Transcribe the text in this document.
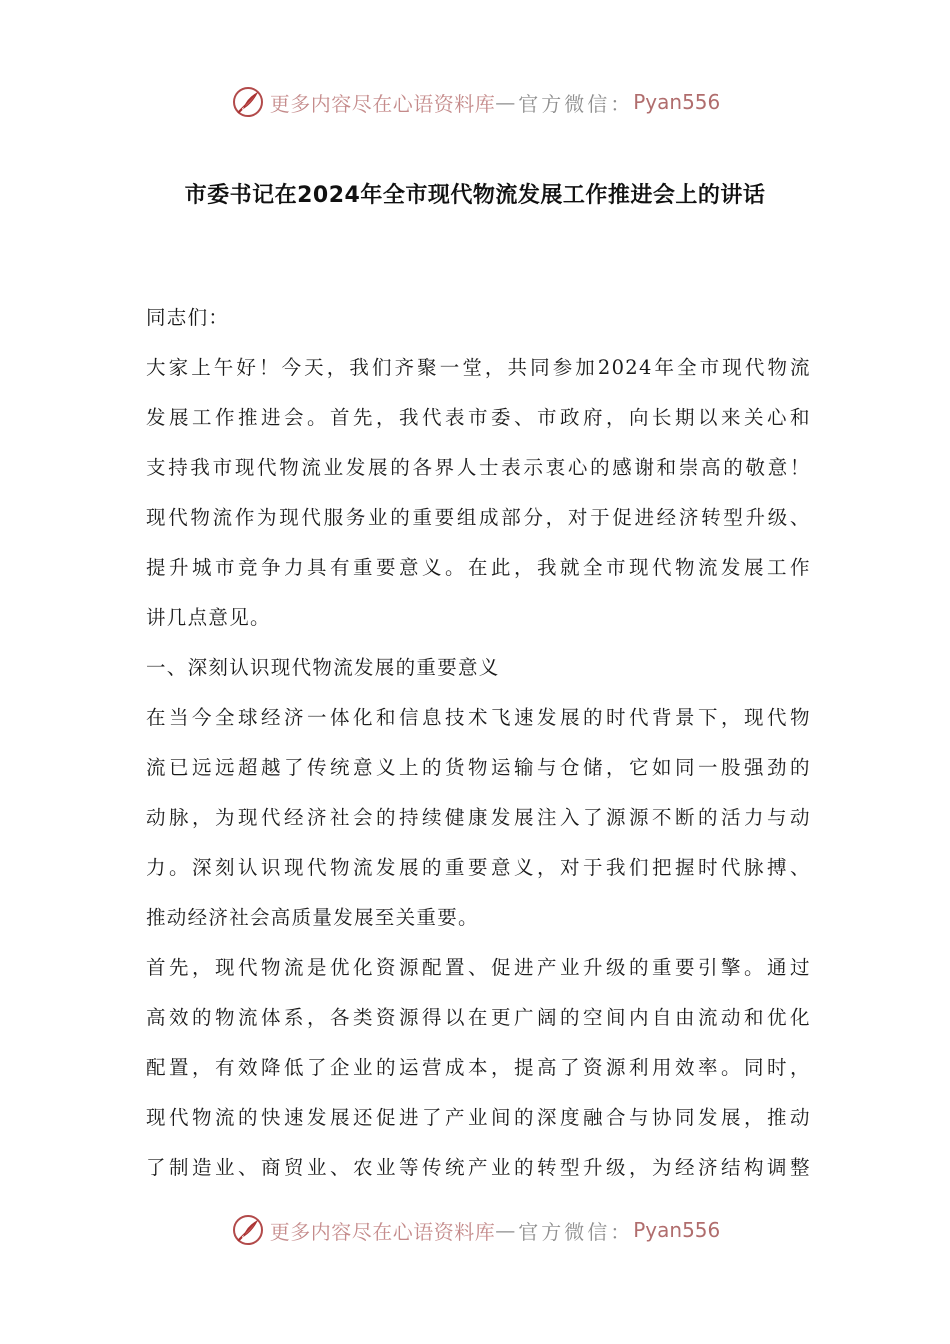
更多内容尽在心语资料库 — 官方微信： Pyan556
市委书记在2024年全市现代物流发展工作推进会上的讲话
同志们：
大 家 上 午 好 ！ 今 天 ， 我 们 齐 聚 一 堂 ， 共 同 参 加 2024 年 全 市 现 代 物 流
发 展 工 作 推 进 会 。 首 先 ， 我 代 表 市 委 、 市 政 府 ， 向 长 期 以 来 关 心 和
支 持 我 市 现 代 物 流 业 发 展 的 各 界 人 士 表 示 衷 心 的 感 谢 和 崇 高 的 敬 意 ！
现 代 物 流 作 为 现 代 服 务 业 的 重 要 组 成 部 分 ， 对 于 促 进 经 济 转 型 升 级 、
提 升 城 市 竞 争 力 具 有 重 要 意 义 。 在 此 ， 我 就 全 市 现 代 物 流 发 展 工 作
讲几点意见。
一、深刻认识现代物流发展的重要意义
在 当 今 全 球 经 济 一 体 化 和 信 息 技 术 飞 速 发 展 的 时 代 背 景 下 ， 现 代 物
流 已 远 远 超 越 了 传 统 意 义 上 的 货 物 运 输 与 仓 储 ， 它 如 同 一 股 强 劲 的
动 脉 ， 为 现 代 经 济 社 会 的 持 续 健 康 发 展 注 入 了 源 源 不 断 的 活 力 与 动
力 。 深 刻 认 识 现 代 物 流 发 展 的 重 要 意 义 ， 对 于 我 们 把 握 时 代 脉 搏 、
推动经济社会高质量发展至关重要。
首 先 ， 现 代 物 流 是 优 化 资 源 配 置 、 促 进 产 业 升 级 的 重 要 引 擎 。 通 过
高 效 的 物 流 体 系 ， 各 类 资 源 得 以 在 更 广 阔 的 空 间 内 自 由 流 动 和 优 化
配 置 ， 有 效 降 低 了 企 业 的 运 营 成 本 ， 提 高 了 资 源 利 用 效 率 。 同 时 ，
现 代 物 流 的 快 速 发 展 还 促 进 了 产 业 间 的 深 度 融 合 与 协 同 发 展 ， 推 动
了 制 造 业 、 商 贸 业 、 农 业 等 传 统 产 业 的 转 型 升 级 ， 为 经 济 结 构 调 整
更多内容尽在心语资料库 — 官方微信： Pyan556
